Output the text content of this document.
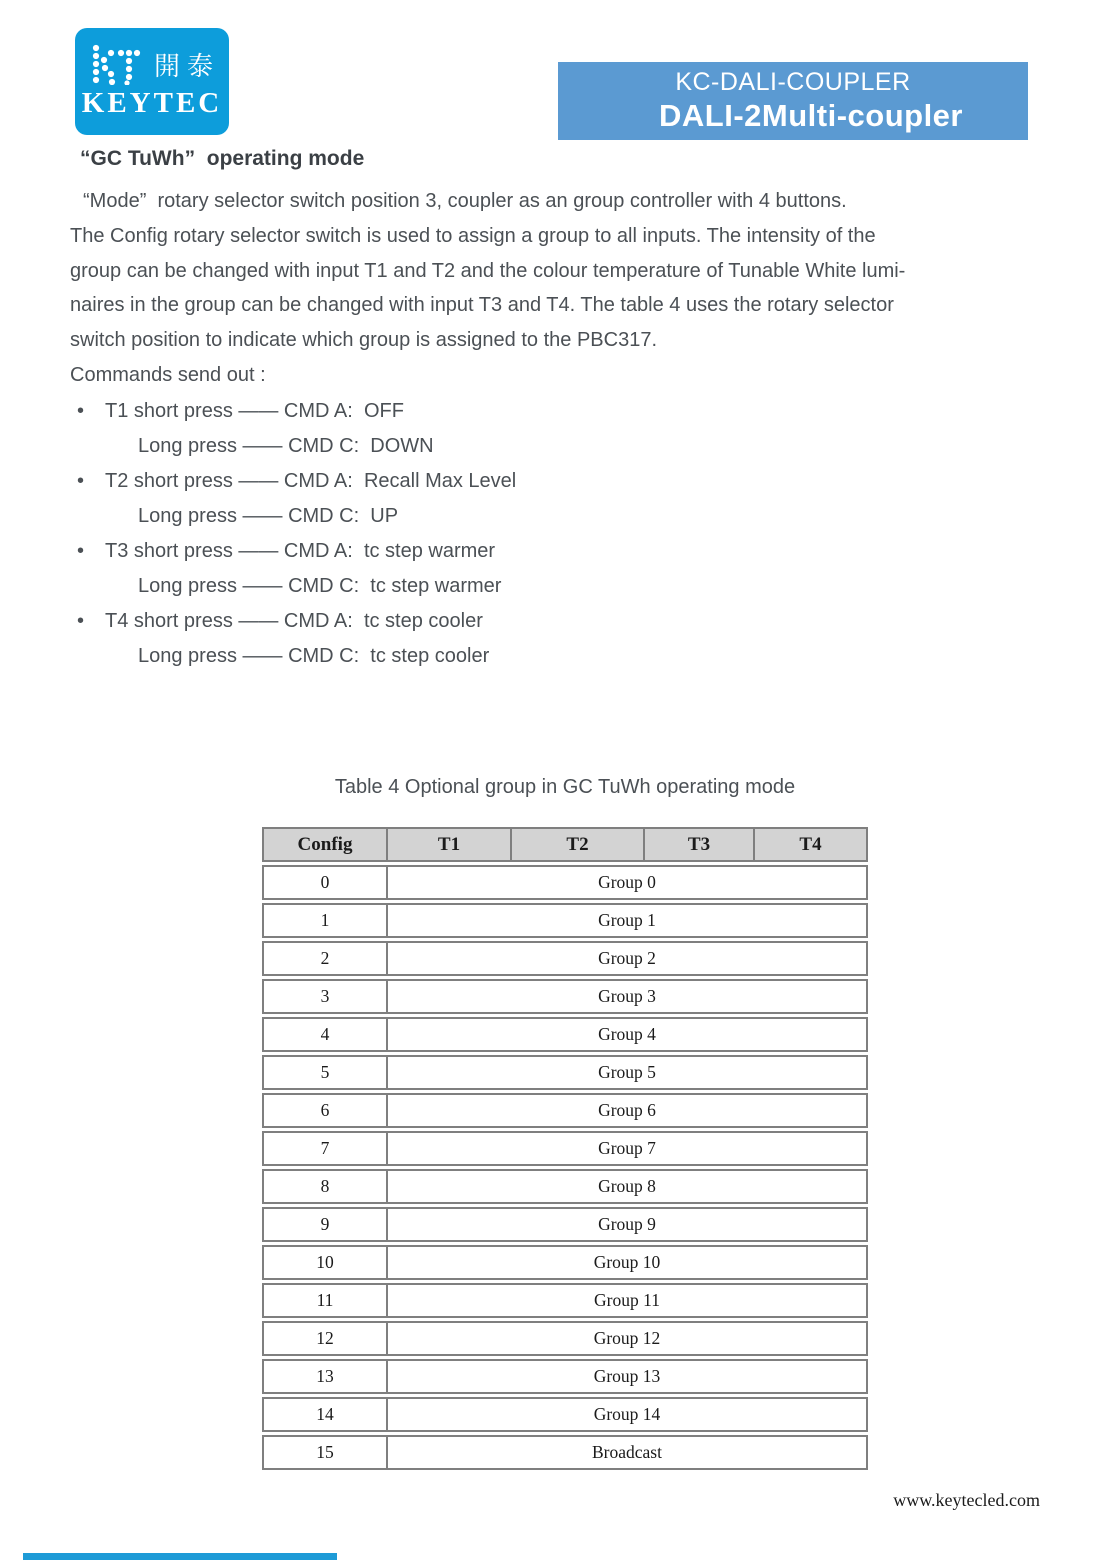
開泰
KEYTEC
KC-DALI-COUPLER
DALI-2Multi-coupler
“GC TuWh”  operating mode
“Mode”  rotary selector switch position 3, coupler as an group controller with 4 buttons.
The Config rotary selector switch is used to assign a group to all inputs. The intensity of the
group can be changed with input T1 and T2 and the colour temperature of Tunable White lumi-
naires in the group can be changed with input T3 and T4. The table 4 uses the rotary selector
switch position to indicate which group is assigned to the PBC317.
Commands send out :
•	T1 short press —— CMD A:  OFF
Long press —— CMD C:  DOWN
•	T2 short press —— CMD A:  Recall Max Level
Long press —— CMD C:  UP
•	T3 short press —— CMD A:  tc step warmer
Long press —— CMD C:  tc step warmer
•	T4 short press —— CMD A:  tc step cooler
Long press —— CMD C:  tc step cooler
Table 4 Optional group in GC TuWh operating mode
Config	T1	T2	T3	T4
0	Group 0			
1	Group 1			
2	Group 2			
3	Group 3			
4	Group 4			
5	Group 5			
6	Group 6			
7	Group 7			
8	Group 8			
9	Group 9			
10	Group 10			
11	Group 11			
12	Group 12			
13	Group 13			
14	Group 14			
15	Broadcast			
www.keytecled.com
